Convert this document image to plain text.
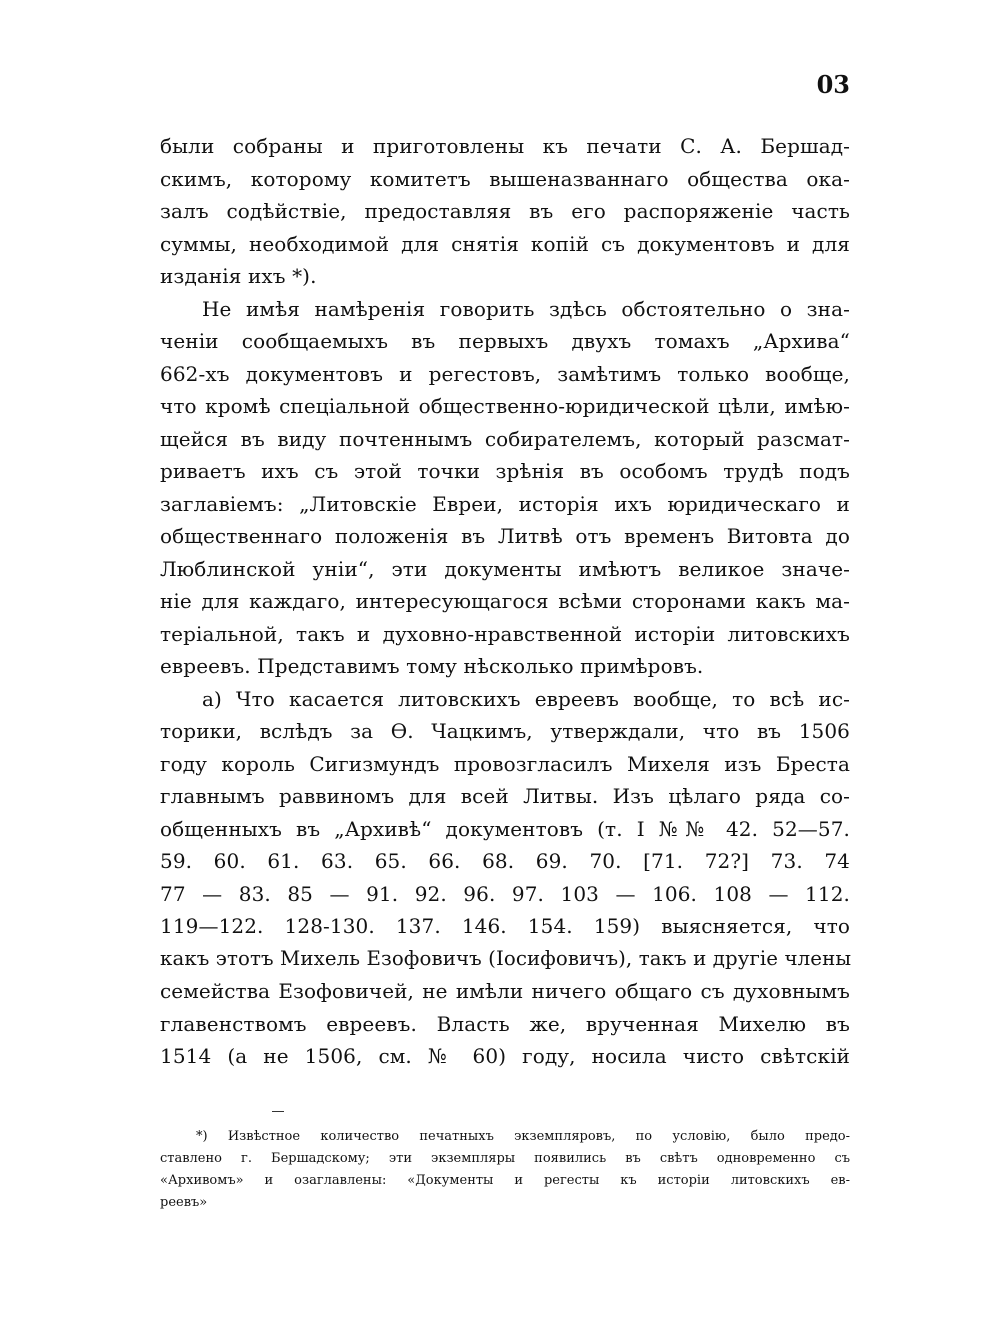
03
были собраны и приготовлены къ печати С. А. Бершад-
скимъ, которому комитетъ вышеназваннаго общества ока-
залъ содѣйствіе, предоставляя въ его распоряженіе часть
суммы, необходимой для снятія копій съ документовъ и для
изданія ихъ *).
Не имѣя намѣренія говорить здѣсь обстоятельно о зна-
ченіи сообщаемыхъ въ первыхъ двухъ томахъ „Архива“
662-хъ документовъ и регестовъ, замѣтимъ только вообще,
что кромѣ спеціальной общественно-юридической цѣли, имѣю-
щейся въ виду почтеннымъ собирателемъ, который разсмат-
риваетъ ихъ съ этой точки зрѣнія въ особомъ трудѣ подъ
заглавіемъ: „Литовскіе Евреи, исторія ихъ юридическаго и
общественнаго положенія въ Литвѣ отъ временъ Витовта до
Люблинской уніи“, эти документы имѣютъ великое значе-
ніе для каждаго, интересующагося всѣми сторонами какъ ма-
теріальной, такъ и духовно-нравственной исторіи литовскихъ
евреевъ. Представимъ тому нѣсколько примѣровъ.
а) Что касается литовскихъ евреевъ вообще, то всѣ ис-
торики, вслѣдъ за Ѳ. Чацкимъ, утверждали, что въ 1506
году король Сигизмундъ провозгласилъ Михеля изъ Бреста
главнымъ раввиномъ для всей Литвы. Изъ цѣлаго ряда со-
общенныхъ въ „Архивѣ“ документовъ (т. I №№ 42. 52—57.
59. 60. 61. 63. 65. 66. 68. 69. 70. [71. 72?] 73. 74
77 — 83. 85 — 91. 92. 96. 97. 103 — 106. 108 — 112.
119—122. 128-130. 137. 146. 154. 159) выясняется, что
какъ этотъ Михель Езофовичъ (Іосифовичъ), такъ и другіе члены
семейства Езофовичей, не имѣли ничего общаго съ духовнымъ
главенствомъ евреевъ. Власть же, врученная Михелю въ
1514 (а не 1506, см. № 60) году, носила чисто свѣтскій
*) Извѣстное количество печатныхъ экземпляровъ, по условію, было предо-
ставлено г. Бершадскому; эти экземпляры появились въ свѣтъ одновременно съ
«Архивомъ» и озаглавлены: «Документы и регесты къ исторіи литовскихъ ев-
реевъ»
